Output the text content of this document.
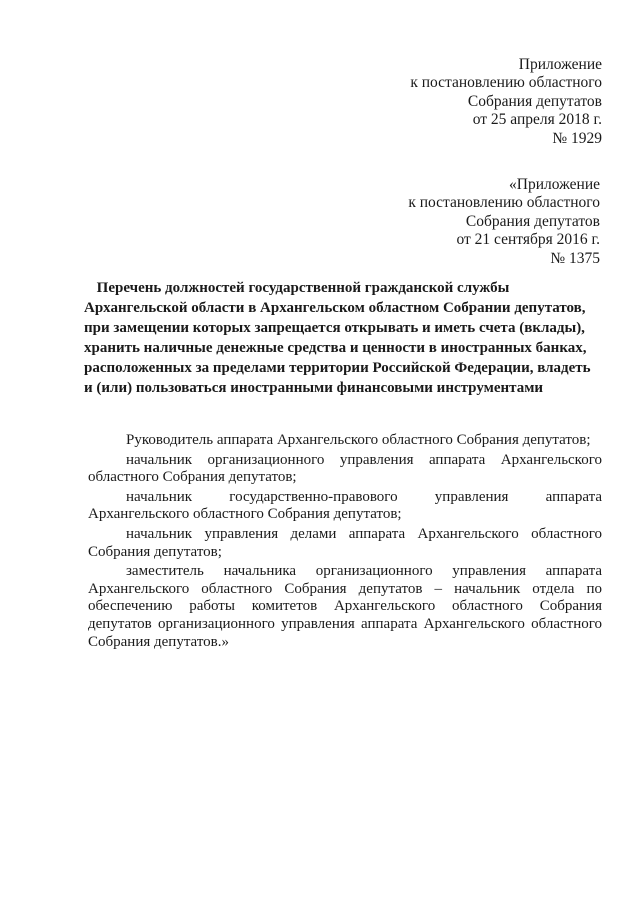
Приложение
к постановлению областного
Собрания депутатов
от 25 апреля 2018 г.
№ 1929
«Приложение
к постановлению областного
Собрания депутатов
от 21 сентября 2016 г.
№ 1375
Перечень должностей государственной гражданской службы
Архангельской области в Архангельском областном Собрании депутатов,
при замещении которых запрещается открывать и иметь счета (вклады),
хранить наличные денежные средства и ценности в иностранных банках,
расположенных за пределами территории Российской Федерации, владеть
и (или) пользоваться иностранными финансовыми инструментами

Руководитель аппарата Архангельского областного Собрания депутатов;

начальник организационного управления аппарата Архангельского
областного Собрания депутатов;

начальник государственно-правового управления аппарата
Архангельского областного Собрания депутатов;

начальник управления делами аппарата Архангельского областного
Собрания депутатов;

заместитель начальника организационного управления аппарата
Архангельского областного Собрания депутатов – начальник отдела по обеспечению работы комитетов Архангельского областного Собрания депутатов организационного управления аппарата Архангельского областного Собрания депутатов.»
